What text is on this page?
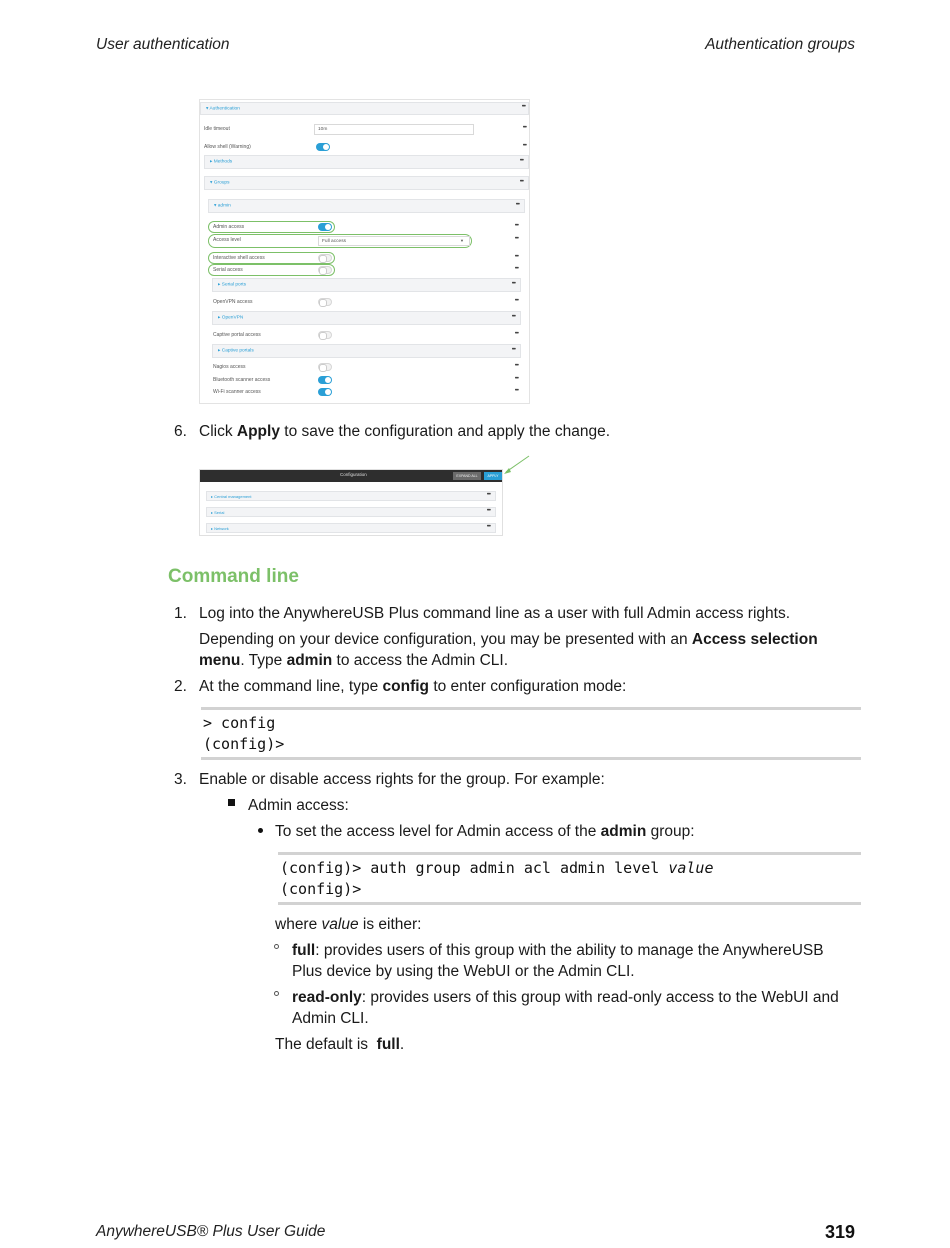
User authentication	Authentication groups
▾ Authentication	•••
Idle timeout	10m	•••
Allow shell (Warning)	•••
▸ Methods	•••
▾ Groups	•••
▾ admin	•••
Admin access	•••
Access level	Full access	▼	•••
Interactive shell access	•••
Serial access	•••
▸ Serial ports	•••
OpenVPN access	•••
▸ OpenVPN	•••
Captive portal access	•••
▸ Captive portals	•••
Nagios access	•••
Bluetooth scanner access	•••
Wi-Fi scanner access	•••
6. Click Apply to save the configuration and apply the change.
Configuration	EXPAND ALL	APPLY
▸ Central management	•••
▸ Serial	•••
▸ Network	•••
Command line
1. Log into the AnywhereUSB Plus command line as a user with full Admin access rights.
Depending on your device configuration, you may be presented with an Access selection menu. Type admin to access the Admin CLI.
2. At the command line, type config to enter configuration mode:
> config
(config)>
3. Enable or disable access rights for the group. For example:
Admin access:
To set the access level for Admin access of the admin group:
(config)> auth group admin acl admin level value
(config)>
where value is either:
full: provides users of this group with the ability to manage the AnywhereUSB Plus device by using the WebUI or the Admin CLI.
read-only: provides users of this group with read-only access to the WebUI and Admin CLI.
The default is  full.
AnywhereUSB® Plus User Guide	319
